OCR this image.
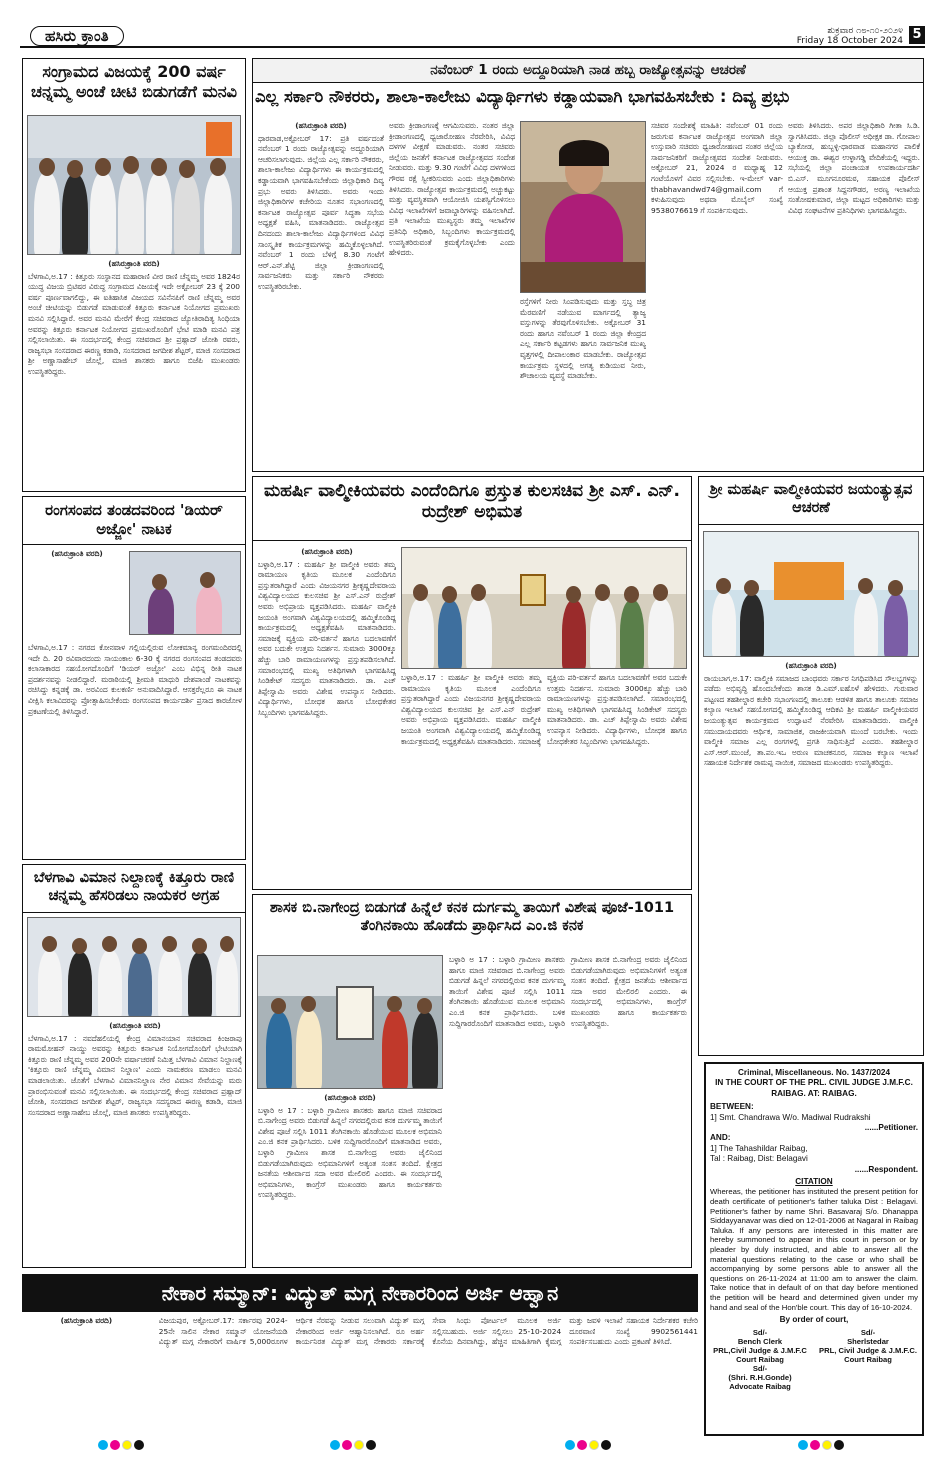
ಹಸಿರು ಕ್ರಾಂತಿ	ಶುಕ್ರವಾರ ೧೮-೧೦-೨೦೨೪
Friday 18 October 2024 5
ಸಂಗ್ರಾಮದ ವಿಜಯಕ್ಕೆ 200 ವರ್ಷ ಚನ್ನಮ್ಮ ಅಂಚೆ ಚೀಟಿ ಬಿಡುಗಡೆಗೆ ಮನವಿ
(ಹಸಿರುಕ್ರಾಂತಿ ವರದಿ)

ಬೆಳಗಾವಿ,ಅ.17 : ಕಿತ್ತೂರು ಸಂಸ್ಥಾನದ ಮಹಾರಾಣಿ ವೀರ ರಾಣಿ ಚೆನ್ನಮ್ಮ ಅವರ 1824ರ ಯುದ್ಧ ವಿಜಯ ಬ್ರಿಟಿಷರ ವಿರುದ್ಧ ಸಂಗ್ರಾಮದ ವಿಜಯಕ್ಕೆ ಇದೇ ಅಕ್ಟೋಬರ್ 23 ಕ್ಕೆ 200 ವರ್ಷ ಪೂರ್ಣವಾಗಲಿದ್ದು, ಈ ಐತಿಹಾಸಿಕ ವಿಜಯದ ಸವಿನೆನಪಿಗೆ ರಾಣಿ ಚೆನ್ನಮ್ಮ ಅವರ ಅಂಚೆ ಚೀಟಿಯನ್ನು ಬಿಡುಗಡೆ ಮಾಡುವಂತೆ ಕಿತ್ತೂರು ಕರ್ನಾಟಕ ನಿಯೋಗದ ಪ್ರಮುಖರು ಮನವಿ ಸಲ್ಲಿಸಿದ್ದಾರೆ. ಅವರ ಮನವಿ ಮೇರೆಗೆ ಕೇಂದ್ರ ಸಚಿವರಾದ ಜ್ಯೋತಿರಾದಿತ್ಯ ಸಿಂಧಿಯಾ ಅವರನ್ನು ಕಿತ್ತೂರು ಕರ್ನಾಟಕ ನಿಯೋಗದ ಪ್ರಮುಖರೊಂದಿಗೆ ಭೇಟಿ ಮಾಡಿ ಮನವಿ ಪತ್ರ ಸಲ್ಲಿಸಲಾಯಿತು. ಈ ಸಂದರ್ಭದಲ್ಲಿ ಕೇಂದ್ರ ಸಚಿವರಾದ ಶ್ರೀ ಪ್ರಹ್ಲಾದ್ ಜೋಶಿ ರವರು, ರಾಜ್ಯಸಭಾ ಸಂಸದರಾದ ಈರಣ್ಣ ಕಡಾಡಿ, ಸಂಸದರಾದ ಜಗದೀಶ ಶೆಟ್ಟರ್, ಮಾಜಿ ಸಂಸದರಾದ ಶ್ರೀ ಅಣ್ಣಾಸಾಹೇಬ್ ಜೊಲ್ಲೆ, ಮಾಜಿ ಶಾಸಕರು ಹಾಗೂ ಬಿಜೆಪಿ ಮುಖಂಡರು ಉಪಸ್ಥಿತರಿದ್ದರು.

ನವೆಂಬರ್ 1 ರಂದು ಅದ್ದೂರಿಯಾಗಿ ನಾಡ ಹಬ್ಬ ರಾಜ್ಯೋತ್ಸವನ್ನು ಆಚರಣೆ
ಎಲ್ಲ ಸರ್ಕಾರಿ ನೌಕರರು, ಶಾಲಾ-ಕಾಲೇಜು ವಿದ್ಯಾರ್ಥಿಗಳು ಕಡ್ಡಾಯವಾಗಿ ಭಾಗವಹಿಸಬೇಕು : ದಿವ್ಯ ಪ್ರಭು
(ಹಸಿರುಕ್ರಾಂತಿ ವರದಿ)

ಧಾರವಾಡ,ಅಕ್ಟೋಬರ್ 17: ಪ್ರತಿ ವರ್ಷದಂತೆ ನವೆಂಬರ್ 1 ರಂದು ರಾಜ್ಯೋತ್ಸವನ್ನು ಅದ್ದೂರಿಯಾಗಿ ಆಚರಿಸಲಾಗುವುದು. ಜಿಲ್ಲೆಯ ಎಲ್ಲ ಸರ್ಕಾರಿ ನೌಕರರು, ಶಾಲಾ-ಕಾಲೇಜು ವಿದ್ಯಾರ್ಥಿಗಳು ಈ ಕಾರ್ಯಕ್ರಮದಲ್ಲಿ ಕಡ್ಡಾಯವಾಗಿ ಭಾಗವಹಿಸಬೇಕೆಂದು ಜಿಲ್ಲಾಧಿಕಾರಿ ದಿವ್ಯ ಪ್ರಭು ಅವರು ತಿಳಿಸಿದರು. ಅವರು ಇಂದು ಜಿಲ್ಲಾಧಿಕಾರಿಗಳ ಕಚೇರಿಯ ನೂತನ ಸಭಾಂಗಣದಲ್ಲಿ ಕರ್ನಾಟಕ ರಾಜ್ಯೋತ್ಸವ ಪೂರ್ವ ಸಿದ್ಧತಾ ಸಭೆಯ ಅಧ್ಯಕ್ಷತೆ ವಹಿಸಿ, ಮಾತನಾಡಿದರು. ರಾಜ್ಯೋತ್ಸವ ದಿನದಂದು ಶಾಲಾ-ಕಾಲೇಜು ವಿದ್ಯಾರ್ಥಿಗಳಿಂದ ವಿವಿಧ ಸಾಂಸ್ಕೃತಿಕ ಕಾರ್ಯಕ್ರಮಗಳನ್ನು ಹಮ್ಮಿಕೊಳ್ಳಲಾಗಿದೆ. ನವೆಂಬರ್ 1 ರಂದು ಬೆಳಿಗ್ಗೆ 8.30 ಗಂಟೆಗೆ ಆರ್.ಎನ್.ಶೆಟ್ಟಿ ಜಿಲ್ಲಾ ಕ್ರೀಡಾಂಗಣದಲ್ಲಿ ಸಾರ್ವಜನಿಕರು ಮತ್ತು ಸರ್ಕಾರಿ ನೌಕರರು ಉಪಸ್ಥಿತರಿರಬೇಕು.

ಅವರು ಕ್ರೀಡಾಂಗಣಕ್ಕೆ ಆಗಮಿಸುವರು. ನಂತರ ಜಿಲ್ಲಾ ಕ್ರೀಡಾಂಗಣದಲ್ಲಿ ಧ್ವಜಾರೋಹಣ ನೆರವೇರಿಸಿ, ವಿವಿಧ ದಳಗಳ ವೀಕ್ಷಣೆ ಮಾಡುವರು. ನಂತರ ಸಚಿವರು ಜಿಲ್ಲೆಯ ಜನತೆಗೆ ಕರ್ನಾಟಕ ರಾಜ್ಯೋತ್ಸವದ ಸಂದೇಶ ನೀಡುವರು. ಮತ್ತು 9.30 ಗಂಟೆಗೆ ವಿವಿಧ ದಳಗಳಿಂದ ಗೌರವ ರಕ್ಷೆ ಸ್ವೀಕರಿಸುವರು ಎಂದು ಜಿಲ್ಲಾಧಿಕಾರಿಗಳು ತಿಳಿಸಿದರು. ರಾಜ್ಯೋತ್ಸವ ಕಾರ್ಯಕ್ರಮದಲ್ಲಿ ಅಚ್ಚುಕಟ್ಟು ಮತ್ತು ವ್ಯವಸ್ಥಿತವಾಗಿ ಆಯೋಜಿಸಿ ಯಶಸ್ವಿಗೊಳಿಸಲು ವಿವಿಧ ಇಲಾಖೆಗಳಿಗೆ ಜವಾಬ್ದಾರಿಗಳನ್ನು ವಹಿಸಲಾಗಿದೆ. ಪ್ರತಿ ಇಲಾಖೆಯ ಮುಖ್ಯಸ್ಥರು ತಮ್ಮ ಇಲಾಖೆಗಳ ಪ್ರತಿನಿಧಿ ಅಧಿಕಾರಿ, ಸಿಬ್ಬಂದಿಗಳು ಕಾರ್ಯಕ್ರಮದಲ್ಲಿ ಉಪಸ್ಥಿತರಿರುವಂತೆ ಕ್ರಮಕೈಗೊಳ್ಳಬೇಕು ಎಂದು ಹೇಳಿದರು.

ರಸ್ತೆಗಳಿಗೆ ನೀರು ಸಿಂಪಡಿಸುವುದು ಮತ್ತು ಸ್ತಬ್ಧ ಚಿತ್ರ ಮೆರವಣಿಗೆ ನಡೆಯುವ ಮಾರ್ಗದಲ್ಲಿ ತ್ಯಾಜ್ಯ ವಸ್ತುಗಳನ್ನು ತೆರವುಗೊಳಿಸಬೇಕು. ಅಕ್ಟೋಬರ್ 31 ರಂದು ಹಾಗೂ ನವೆಂಬರ್ 1 ರಂದು ಜಿಲ್ಲಾ ಕೇಂದ್ರದ ಎಲ್ಲ ಸರ್ಕಾರಿ ಕಟ್ಟಡಗಳು ಹಾಗೂ ಸಾರ್ವಜನಿಕ ಮುಖ್ಯ ವೃತ್ತಗಳಲ್ಲಿ ದೀಪಾಲಂಕಾರ ಮಾಡಬೇಕು. ರಾಜ್ಯೋತ್ಸವ ಕಾರ್ಯಕ್ರಮ ಸ್ಥಳದಲ್ಲಿ ಅಗತ್ಯ ಕುಡಿಯುವ ನೀರು, ಶೌಚಾಲಯ ವ್ಯವಸ್ಥೆ ಮಾಡಬೇಕು.

ಸಚಿವರ ಸಂದೇಶಕ್ಕೆ ಮಾಹಿತಿ: ನವೆಂಬರ್ 01 ರಂದು ಜರುಗುವ ಕರ್ನಾಟಕ ರಾಜ್ಯೋತ್ಸವ ಅಂಗವಾಗಿ ಜಿಲ್ಲಾ ಉಸ್ತುವಾರಿ ಸಚಿವರು ಧ್ವಜಾರೋಹಣದ ನಂತರ ಜಿಲ್ಲೆಯ ಸಾರ್ವಜನಿಕರಿಗೆ ರಾಜ್ಯೋತ್ಸವದ ಸಂದೇಶ ನೀಡುವರು. ಅಕ್ಟೋಬರ್ 21, 2024 ರ ಮಧ್ಯಾಹ್ನ 12 ಗಂಟೆಯೊಳಗೆ ವಿವರ ಸಲ್ಲಿಸಬೇಕು. ಇ-ಮೇಲ್ var-thabhavandwd74@gmail.com ಗೆ ಕಳುಹಿಸುವುದು ಅಥವಾ ಮೊಬೈಲ್ ಸಂಖ್ಯೆ 9538076619 ಗೆ ಸಂಪರ್ಕಿಸುವುದು.

ಅವರು ತಿಳಿಸಿದರು. ಅಪರ ಜಿಲ್ಲಾಧಿಕಾರಿ ಗೀತಾ ಸಿ.ಡಿ. ಸ್ವಾಗತಿಸಿದರು. ಜಿಲ್ಲಾ ಪೊಲೀಸ್ ಅಧೀಕ್ಷಕ ಡಾ. ಗೋಪಾಲ ಬ್ಯಾಕೋಡ, ಹುಬ್ಬಳ್ಳಿ-ಧಾರವಾಡ ಮಹಾನಗರ ಪಾಲಿಕೆ ಆಯುಕ್ತ ಡಾ. ಈಶ್ವರ ಉಳ್ಳಾಗಡ್ಡಿ ವೇದಿಕೆಯಲ್ಲಿ ಇದ್ದರು. ಸಭೆಯಲ್ಲಿ ಜಿಲ್ಲಾ ಪಂಚಾಯತ ಉಪಕಾರ್ಯದರ್ಶಿ ಬಿ.ಎಸ್. ಮೂಗನೂರಮಠ, ಸಹಾಯಕ ಪೊಲೀಸ್ ಆಯುಕ್ತ ಪ್ರಶಾಂತ ಸಿದ್ದನಗೌಡರ, ಅರಣ್ಯ ಇಲಾಖೆಯ ಸಂತೋಷಕುಮಾರ, ಜಿಲ್ಲಾ ಮಟ್ಟದ ಅಧಿಕಾರಿಗಳು ಮತ್ತು ವಿವಿಧ ಸಂಘಟನೆಗಳ ಪ್ರತಿನಿಧಿಗಳು ಭಾಗವಹಿಸಿದ್ದರು.

ಮಹರ್ಷಿ ವಾಲ್ಮೀಕಿಯವರು ಎಂದೆಂದಿಗೂ ಪ್ರಸ್ತುತ ಕುಲಸಚಿವ ಶ್ರೀ ಎಸ್. ಎನ್. ರುದ್ರೇಶ್ ಅಭಿಮತ
(ಹಸಿರುಕ್ರಾಂತಿ ವರದಿ)

ಬಳ್ಳಾರಿ,ಅ.17 : ಮಹರ್ಷಿ ಶ್ರೀ ವಾಲ್ಮೀಕಿ ಅವರು ತಮ್ಮ ರಾಮಾಯಣ ಕೃತಿಯ ಮೂಲಕ ಎಂದೆಂದಿಗೂ ಪ್ರಸ್ತುತರಾಗಿದ್ದಾರೆ ಎಂದು ವಿಜಯನಗರ ಶ್ರೀಕೃಷ್ಣದೇವರಾಯ ವಿಶ್ವವಿದ್ಯಾಲಯದ ಕುಲಸಚಿವ ಶ್ರೀ ಎಸ್.ಎನ್ ರುದ್ರೇಶ್ ಅವರು ಅಭಿಪ್ರಾಯ ವ್ಯಕ್ತಪಡಿಸಿದರು. ಮಹರ್ಷಿ ವಾಲ್ಮೀಕಿ ಜಯಂತಿ ಅಂಗವಾಗಿ ವಿಶ್ವವಿದ್ಯಾಲಯದಲ್ಲಿ ಹಮ್ಮಿಕೊಂಡಿದ್ದ ಕಾರ್ಯಕ್ರಮದಲ್ಲಿ ಅಧ್ಯಕ್ಷತೆವಹಿಸಿ ಮಾತನಾಡಿದರು. ಸಮಾಜಕ್ಕೆ ವ್ಯಕ್ತಿಯ ಪರಿ-ವರ್ತನೆ ಹಾಗೂ ಬದಲಾವಣೆಗೆ ಅವರ ಬದುಕೇ ಉತ್ತಮ ನಿದರ್ಶನ. ಸುಮಾರು 3000ಕ್ಕೂ ಹೆಚ್ಚು ಬಾರಿ ರಾಮಾಯಣಗಳನ್ನು ಪ್ರಸ್ತುತಪಡಿಸಲಾಗಿದೆ. ಸಮಾರಂಭದಲ್ಲಿ ಮುಖ್ಯ ಅತಿಥಿಗಳಾಗಿ ಭಾಗವಹಿಸಿದ್ದ ಸಿಂಡಿಕೇಟ್ ಸದಸ್ಯರು ಮಾತನಾಡಿದರು. ಡಾ. ಎಚ್ ತಿಪ್ಪೇಸ್ವಾಮಿ ಅವರು ವಿಶೇಷ ಉಪನ್ಯಾಸ ನೀಡಿದರು. ವಿದ್ಯಾರ್ಥಿಗಳು, ಬೋಧಕ ಹಾಗೂ ಬೋಧಕೇತರ ಸಿಬ್ಬಂದಿಗಳು ಭಾಗವಹಿಸಿದ್ದರು.

ಬಳ್ಳಾರಿ,ಅ.17 : ಮಹರ್ಷಿ ಶ್ರೀ ವಾಲ್ಮೀಕಿ ಅವರು ತಮ್ಮ ರಾಮಾಯಣ ಕೃತಿಯ ಮೂಲಕ ಎಂದೆಂದಿಗೂ ಪ್ರಸ್ತುತರಾಗಿದ್ದಾರೆ ಎಂದು ವಿಜಯನಗರ ಶ್ರೀಕೃಷ್ಣದೇವರಾಯ ವಿಶ್ವವಿದ್ಯಾಲಯದ ಕುಲಸಚಿವ ಶ್ರೀ ಎಸ್.ಎನ್ ರುದ್ರೇಶ್ ಅವರು ಅಭಿಪ್ರಾಯ ವ್ಯಕ್ತಪಡಿಸಿದರು. ಮಹರ್ಷಿ ವಾಲ್ಮೀಕಿ ಜಯಂತಿ ಅಂಗವಾಗಿ ವಿಶ್ವವಿದ್ಯಾಲಯದಲ್ಲಿ ಹಮ್ಮಿಕೊಂಡಿದ್ದ ಕಾರ್ಯಕ್ರಮದಲ್ಲಿ ಅಧ್ಯಕ್ಷತೆವಹಿಸಿ ಮಾತನಾಡಿದರು. ಸಮಾಜಕ್ಕೆ ವ್ಯಕ್ತಿಯ ಪರಿ-ವರ್ತನೆ ಹಾಗೂ ಬದಲಾವಣೆಗೆ ಅವರ ಬದುಕೇ ಉತ್ತಮ ನಿದರ್ಶನ. ಸುಮಾರು 3000ಕ್ಕೂ ಹೆಚ್ಚು ಬಾರಿ ರಾಮಾಯಣಗಳನ್ನು ಪ್ರಸ್ತುತಪಡಿಸಲಾಗಿದೆ. ಸಮಾರಂಭದಲ್ಲಿ ಮುಖ್ಯ ಅತಿಥಿಗಳಾಗಿ ಭಾಗವಹಿಸಿದ್ದ ಸಿಂಡಿಕೇಟ್ ಸದಸ್ಯರು ಮಾತನಾಡಿದರು. ಡಾ. ಎಚ್ ತಿಪ್ಪೇಸ್ವಾಮಿ ಅವರು ವಿಶೇಷ ಉಪನ್ಯಾಸ ನೀಡಿದರು. ವಿದ್ಯಾರ್ಥಿಗಳು, ಬೋಧಕ ಹಾಗೂ ಬೋಧಕೇತರ ಸಿಬ್ಬಂದಿಗಳು ಭಾಗವಹಿಸಿದ್ದರು.

ಶ್ರೀ ಮಹರ್ಷಿ ವಾಲ್ಮೀಕಿಯವರ ಜಯಂತ್ಯುತ್ಸವ ಆಚರಣೆ
(ಹಸಿರುಕ್ರಾಂತಿ ವರದಿ)

ರಾಯಬಾಗ,ಅ.17: ವಾಲ್ಮೀಕಿ ಸಮಾಜದ ಬಾಂಧವರು ಸರ್ಕಾರ ನಿಗಧಿಪಡಿಸಿದ ಸೌಲಭ್ಯಗಳನ್ನು ಪಡೆದು ಅಭಿವೃದ್ಧಿ ಹೊಂದಬೇಕೆಂದು ಶಾಸಕ ಡಿ.ಎಮ್.ಐಹೊಳೆ ಹೇಳಿದರು. ಗುರುವಾರ ಪಟ್ಟಣದ ತಹಶೀಲ್ದಾರ ಕಚೇರಿ ಸಭಾಂಗಣದಲ್ಲಿ ತಾಲೂಕು ಆಡಳಿತ ಹಾಗೂ ತಾಲೂಕು ಸಮಾಜ ಕಲ್ಯಾಣ ಇಲಾಖೆ ಸಹಯೋಗದಲ್ಲಿ ಹಮ್ಮಿಕೊಂಡಿದ್ದ ಆದಿಕವಿ ಶ್ರೀ ಮಹರ್ಷಿ ವಾಲ್ಮೀಕಿಯವರ ಜಯಂತ್ಯುತ್ಸವ ಕಾರ್ಯಕ್ರಮದ ಉದ್ಘಾಟನೆ ನೆರವೇರಿಸಿ ಮಾತನಾಡಿದರು. ವಾಲ್ಮೀಕಿ ಸಮುದಾಯದವರು ಆರ್ಥಿಕ, ಸಾಮಾಜಿಕ, ರಾಜಕೀಯವಾಗಿ ಮುಂದೆ ಬರಬೇಕು. ಇಂದು ವಾಲ್ಮೀಕಿ ಸಮಾಜ ಎಲ್ಲ ರಂಗಗಳಲ್ಲಿ ಪ್ರಗತಿ ಸಾಧಿಸುತ್ತಿದೆ ಎಂದರು. ತಹಶೀಲ್ದಾರ ಎಸ್.ಆರ್.ಮುಂಜೆ, ತಾ.ಪಂ.ಇಒ ಅರುಣ ಮಾಚಕನೂರ, ಸಮಾಜ ಕಲ್ಯಾಣ ಇಲಾಖೆ ಸಹಾಯಕ ನಿರ್ದೇಶಕ ರಾಮಪ್ಪ ನಾಯಿಕ, ಸಮಾಜದ ಮುಖಂಡರು ಉಪಸ್ಥಿತರಿದ್ದರು.

ರಂಗಸಂಪದ ತಂಡದವರಿಂದ 'ಡಿಯರ್ ಅಜ್ಜೋ' ನಾಟಕ
(ಹಸಿರುಕ್ರಾಂತಿ ವರದಿ)

ಬೆಳಗಾವಿ,ಅ.17 : ನಗರದ ಕೋನವಾಳ ಗಲ್ಲಿಯಲ್ಲಿರುವ ಲೋಕಮಾನ್ಯ ರಂಗಮಂದಿರದಲ್ಲಿ ಇದೇ ದಿ. 20 ರವಿವಾರದಂದು ಸಾಯಂಕಾಲ 6-30 ಕ್ಕೆ ನಗರದ ರಂಗಸಂಪದ ತಂಡದವರು ಕಲಾಸಾಕಾರದ ಸಹಯೋಗದೊಂದಿಗೆ 'ಡಿಯರ್ ಅಜ್ಜೋ' ಎಂಬ ವಿಭಿನ್ನ ರೀತಿ ನಾಟಕ ಪ್ರದರ್ಶನವನ್ನು ನೀಡಲಿದ್ದಾರೆ. ಮರಾಠಿಯಲ್ಲಿ ಶ್ರೀಮತಿ ಮಾಧುರಿ ದೇಶಪಾಂಡೆ ನಾಟಕವನ್ನು ರಚಿಸಿದ್ದು ಕನ್ನಡಕ್ಕೆ ಡಾ. ಅರವಿಂದ ಕುಲಕರ್ಣಿ ಅನುವಾದಿಸಿದ್ದಾರೆ. ಆಸಕ್ತರೆಲ್ಲರೂ ಈ ನಾಟಕ ವೀಕ್ಷಿಸಿ ಕಲಾವಿದರನ್ನು ಪ್ರೋತ್ಸಾಹಿಸಬೇಕೆಂದು ರಂಗಸಂಪದ ಕಾರ್ಯದರ್ಶಿ ಪ್ರಸಾದ ಕಾರಜೋಳ ಪ್ರಕಟಣೆಯಲ್ಲಿ ತಿಳಿಸಿದ್ದಾರೆ.

ಬೆಳಗಾವಿ ವಿಮಾನ ನಿಲ್ದಾಣಕ್ಕೆ ಕಿತ್ತೂರು ರಾಣಿ ಚನ್ನಮ್ಮ ಹೆಸರಿಡಲು ನಾಯಕರ ಅಗ್ರಹ
(ಹಸಿರುಕ್ರಾಂತಿ ವರದಿ)

ಬೆಳಗಾವಿ,ಅ.17 : ನವದೆಹಲಿಯಲ್ಲಿ ಕೇಂದ್ರ ವಿಮಾನಯಾನ ಸಚಿವರಾದ ಕಿಂಜರಾಪು ರಾಮಮೋಹನ್ ನಾಯ್ಡು ಅವರನ್ನು ಕಿತ್ತೂರು ಕರ್ನಾಟಕ ನಿಯೋಗದೊಂದಿಗೆ ಭೇಟಿಯಾಗಿ ಕಿತ್ತೂರು ರಾಣಿ ಚೆನ್ನಮ್ಮ ಅವರ 200ನೇ ವರ್ಷಾಚರಣೆ ನಿಮಿತ್ತ ಬೆಳಗಾವಿ ವಿಮಾನ ನಿಲ್ದಾಣಕ್ಕೆ 'ಕಿತ್ತೂರು ರಾಣಿ ಚೆನ್ನಮ್ಮ ವಿಮಾನ ನಿಲ್ದಾಣ' ಎಂದು ನಾಮಕರಣ ಮಾಡಲು ಮನವಿ ಮಾಡಲಾಯಿತು. ಜೊತೆಗೆ ಬೆಳಗಾವಿ ವಿಮಾನನಿಲ್ದಾಣ ನೇರ ವಿಮಾನ ಸೇವೆಯನ್ನು ಮರು ಪ್ರಾರಂಭಿಸುವಂತೆ ಮನವಿ ಸಲ್ಲಿಸಲಾಯಿತು. ಈ ಸಂದರ್ಭದಲ್ಲಿ ಕೇಂದ್ರ ಸಚಿವರಾದ ಪ್ರಹ್ಲಾದ್ ಜೋಶಿ, ಸಂಸದರಾದ ಜಗದೀಶ ಶೆಟ್ಟರ್, ರಾಜ್ಯಸಭಾ ಸದಸ್ಯರಾದ ಈರಣ್ಣ ಕಡಾಡಿ, ಮಾಜಿ ಸಂಸದರಾದ ಅಣ್ಣಾಸಾಹೇಬ ಜೊಲ್ಲೆ, ಮಾಜಿ ಶಾಸಕರು ಉಪಸ್ಥಿತರಿದ್ದರು.

ಶಾಸಕ ಬಿ.ನಾಗೇಂದ್ರ ಬಿಡುಗಡೆ ಹಿನ್ನೆಲೆ ಕನಕ ದುರ್ಗಮ್ಮ ತಾಯಿಗೆ ವಿಶೇಷ ಪೂಜೆ-1011 ತೆಂಗಿನಕಾಯಿ ಹೊಡೆದು ಪ್ರಾರ್ಥಿಸಿದ ಎಂ.ಜಿ ಕನಕ
(ಹಸಿರುಕ್ರಾಂತಿ ವರದಿ)

ಬಳ್ಳಾರಿ ಅ 17 : ಬಳ್ಳಾರಿ ಗ್ರಾಮೀಣ ಶಾಸಕರು ಹಾಗೂ ಮಾಜಿ ಸಚಿವರಾದ ಬಿ.ನಾಗೇಂದ್ರ ಅವರು ಬಿಡುಗಡೆ ಹಿನ್ನಲೆ ನಗರದಲ್ಲಿರುವ ಕನಕ ದುರ್ಗಮ್ಮ ತಾಯಿಗೆ ವಿಶೇಷ ಪೂಜೆ ಸಲ್ಲಿಸಿ 1011 ತೆಂಗಿನಕಾಯಿ ಹೊಡೆಯುವ ಮೂಲಕ ಅಭಿಮಾನಿ ಎಂ.ಜಿ ಕನಕ ಪ್ರಾರ್ಥಿಸಿದರು. ಬಳಿಕ ಸುದ್ದಿಗಾರರೊಂದಿಗೆ ಮಾತನಾಡಿದ ಅವರು, ಬಳ್ಳಾರಿ ಗ್ರಾಮೀಣ ಶಾಸಕ ಬಿ.ನಾಗೇಂದ್ರ ಅವರು ಜೈಲಿನಿಂದ ಬಿಡುಗಡೆಯಾಗಿರುವುದು ಅಭಿಮಾನಿಗಳಿಗೆ ಅತ್ಯಂತ ಸಂತಸ ತಂದಿದೆ. ಕ್ಷೇತ್ರದ ಜನತೆಯ ಆಶೀರ್ವಾದ ಸದಾ ಅವರ ಮೇಲಿರಲಿ ಎಂದರು. ಈ ಸಂದರ್ಭದಲ್ಲಿ ಅಭಿಮಾನಿಗಳು, ಕಾಂಗ್ರೆಸ್ ಮುಖಂಡರು ಹಾಗೂ ಕಾರ್ಯಕರ್ತರು ಉಪಸ್ಥಿತರಿದ್ದರು.

ಬಳ್ಳಾರಿ ಅ 17 : ಬಳ್ಳಾರಿ ಗ್ರಾಮೀಣ ಶಾಸಕರು ಹಾಗೂ ಮಾಜಿ ಸಚಿವರಾದ ಬಿ.ನಾಗೇಂದ್ರ ಅವರು ಬಿಡುಗಡೆ ಹಿನ್ನಲೆ ನಗರದಲ್ಲಿರುವ ಕನಕ ದುರ್ಗಮ್ಮ ತಾಯಿಗೆ ವಿಶೇಷ ಪೂಜೆ ಸಲ್ಲಿಸಿ 1011 ತೆಂಗಿನಕಾಯಿ ಹೊಡೆಯುವ ಮೂಲಕ ಅಭಿಮಾನಿ ಎಂ.ಜಿ ಕನಕ ಪ್ರಾರ್ಥಿಸಿದರು. ಬಳಿಕ ಸುದ್ದಿಗಾರರೊಂದಿಗೆ ಮಾತನಾಡಿದ ಅವರು, ಬಳ್ಳಾರಿ ಗ್ರಾಮೀಣ ಶಾಸಕ ಬಿ.ನಾಗೇಂದ್ರ ಅವರು ಜೈಲಿನಿಂದ ಬಿಡುಗಡೆಯಾಗಿರುವುದು ಅಭಿಮಾನಿಗಳಿಗೆ ಅತ್ಯಂತ ಸಂತಸ ತಂದಿದೆ. ಕ್ಷೇತ್ರದ ಜನತೆಯ ಆಶೀರ್ವಾದ ಸದಾ ಅವರ ಮೇಲಿರಲಿ ಎಂದರು. ಈ ಸಂದರ್ಭದಲ್ಲಿ ಅಭಿಮಾನಿಗಳು, ಕಾಂಗ್ರೆಸ್ ಮುಖಂಡರು ಹಾಗೂ ಕಾರ್ಯಕರ್ತರು ಉಪಸ್ಥಿತರಿದ್ದರು.

Criminal, Miscellaneous. No. 1437/2024
IN THE COURT OF THE PRL. CIVIL JUDGE J.M.F.C.
RAIBAG. AT: RAIBAG.
BETWEEN:
1] Smt. Chandrawa W/o. Madiwal Rudrakshi
......Petitioner.
AND:
1] The Tahashildar Raibag,
Tal : Raibag, Dist: Belagavi
......Respondent.
CITATION
Whereas, the petitioner has instituted the present petition for death certificate of petitioner's father taluka Dist : Belagavi. Petitioner's father by name Shri. Basavaraj S/o. Dhanappa Siddayyanavar was died on 12-01-2006 at Nagaral in Raibag Taluka. If any persons are interested in this matter are hereby summoned to appear in this court in person or by pleader by duly instructed, and able to answer all the material questions relating to the case or who shall be accompanying by some persons able to answer all the questions on 26-11-2024 at 11:00 am to answer the claim. Take notice that in default of on that day before mentioned the petition will be heard and determined given under my hand and seal of the Hon'ble court. This day of 16-10-2024.
By order of court,
Sd/-
Bench Clerk
PRL,Civil Judge & J.M.F.C Court Raibag
Sd/-
Sherlstedar
PRL, Civil Judge & J.M.F.C. Court Raibag
Sd/-
(Shri. R.H.Gonde)
Advocate Raibag
ನೇಕಾರ ಸಮ್ಮಾನ್: ವಿದ್ಯುತ್ ಮಗ್ಗ ನೇಕಾರರಿಂದ ಅರ್ಜಿ ಆಹ್ವಾನ
(ಹಸಿರುಕ್ರಾಂತಿ ವರದಿ)	ವಿಜಯಪುರ, ಅಕ್ಟೋಬರ್.17: ಸರ್ಕಾರವು 2024-25ನೇ ಸಾಲಿನ ನೇಕಾರ ಸಮ್ಮಾನ್ ಯೋಜನೆಯಡಿ ವಿದ್ಯುತ್ ಮಗ್ಗ ನೇಕಾರರಿಗೆ ವಾರ್ಷಿಕ 5,000ರೂಗಳ ಆರ್ಥಿಕ ನೆರವನ್ನು ನೀಡುವ ಸಲುವಾಗಿ ವಿದ್ಯುತ್ ಮಗ್ಗ ನೇಕಾರರಿಂದ ಅರ್ಜಿ ಆಹ್ವಾನಿಸಲಾಗಿದೆ. ರೂ ಅರ್ಹ ಕಾರ್ಯನಿರತ ವಿದ್ಯುತ್ ಮಗ್ಗ ನೇಕಾರರು ಸರ್ಕಾರಕ್ಕೆ ಸೇವಾ ಸಿಂಧು ಪೋರ್ಟಲ್ ಮೂಲಕ ಅರ್ಜಿ ಸಲ್ಲಿಸಬಹುದು. ಅರ್ಜಿ ಸಲ್ಲಿಸಲು 25-10-2024 ಕೊನೆಯ ದಿನವಾಗಿದ್ದು, ಹೆಚ್ಚಿನ ಮಾಹಿತಿಗಾಗಿ ಕೈಮಗ್ಗ ಮತ್ತು ಜವಳಿ ಇಲಾಖೆ ಸಹಾಯಕ ನಿರ್ದೇಶಕರ ಕಚೇರಿ ದೂರವಾಣಿ ಸಂಖ್ಯೆ 9902561441 ಸಂಪರ್ಕಿಸಬಹುದು ಎಂದು ಪ್ರಕಟಣೆ ತಿಳಿಸಿದೆ.
